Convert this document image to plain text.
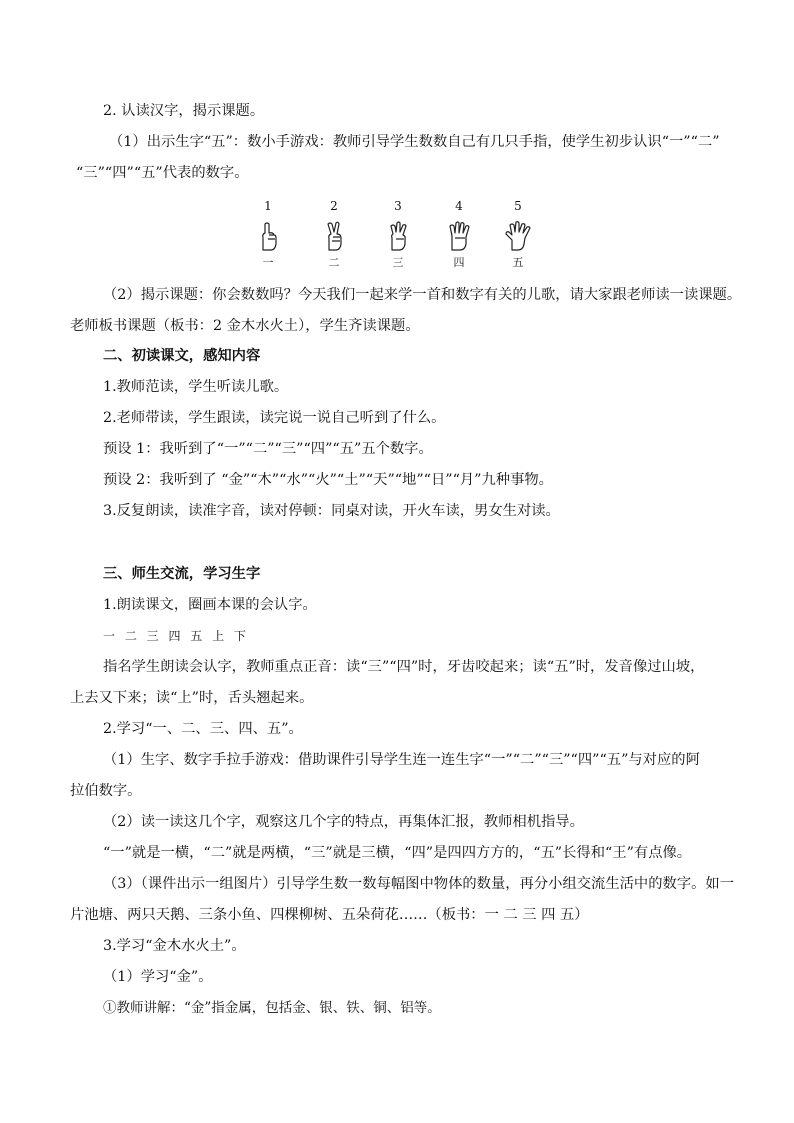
2. 认读汉字，揭示课题。
（1）出示生字“五”：数小手游戏：教师引导学生数数自己有几只手指，使学生初步认识“一”“二”
“三”“四”“五”代表的数字。
1
一
2
二
3
三
4
四
5
五
（2）揭示课题：你会数数吗？今天我们一起来学一首和数字有关的儿歌，请大家跟老师读一读课题。
老师板书课题（板书：2 金木水火土），学生齐读课题。
二、初读课文，感知内容
1.教师范读，学生听读儿歌。
2.老师带读，学生跟读，读完说一说自己听到了什么。
预设 1：我听到了“一”“二”“三”“四”“五”五个数字。
预设 2：我听到了 “金”“木”“水”“火”“土”“天”“地”“日”“月”九种事物。
3.反复朗读，读准字音，读对停顿：同桌对读，开火车读，男女生对读。
三、师生交流，学习生字
1.朗读课文，圈画本课的会认字。
一 二 三 四 五 上 下
指名学生朗读会认字，教师重点正音：读“三”“四”时，牙齿咬起来；读“五”时，发音像过山坡，
上去又下来；读“上”时，舌头翘起来。
2.学习“一、二、三、四、五”。
（1）生字、数字手拉手游戏：借助课件引导学生连一连生字“一”“二”“三”“四”“五”与对应的阿
拉伯数字。
（2）读一读这几个字，观察这几个字的特点，再集体汇报，教师相机指导。
“一”就是一横，“二”就是两横，“三”就是三横，“四”是四四方方的，“五”长得和“王”有点像。
（3）（课件出示一组图片）引导学生数一数每幅图中物体的数量，再分小组交流生活中的数字。如一
片池塘、两只天鹅、三条小鱼、四棵柳树、五朵荷花……（板书：一 二 三 四 五）
3.学习“金木水火土”。
（1）学习“金”。
①教师讲解：“金”指金属，包括金、银、铁、铜、铝等。
